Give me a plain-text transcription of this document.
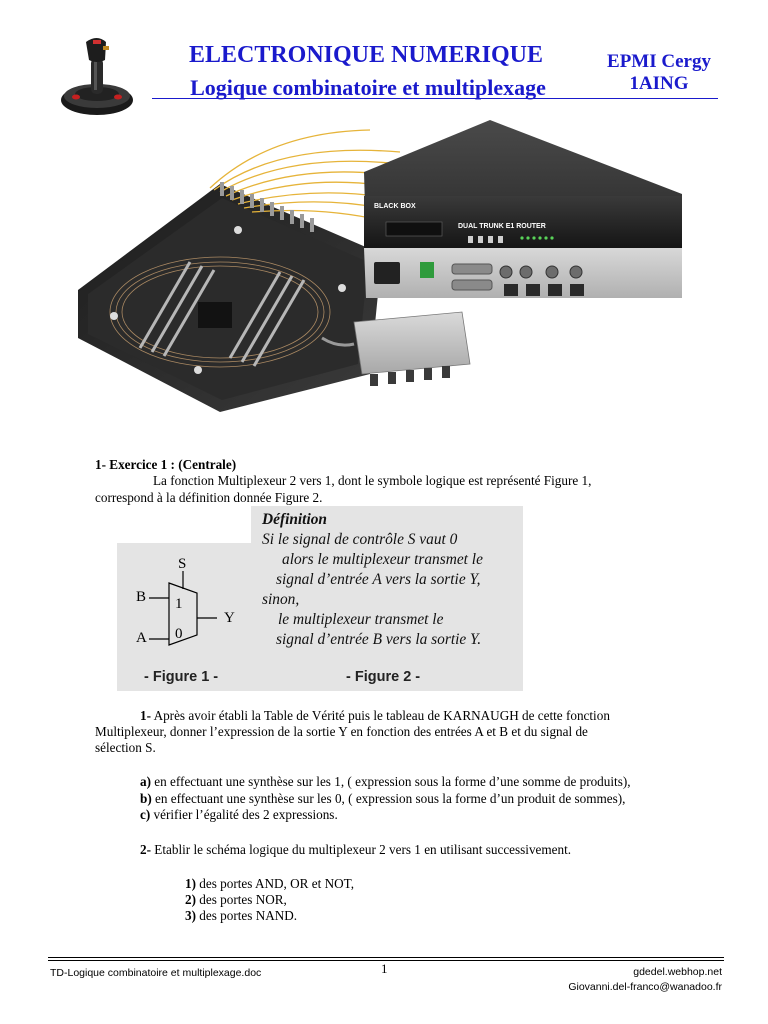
ELECTRONIQUE NUMERIQUE
Logique combinatoire et multiplexage
EPMI Cergy
1AING
BLACK BOX
DUAL TRUNK E1 ROUTER
1- Exercice 1 : (Centrale)
La fonction Multiplexeur 2 vers 1, dont le symbole logique est représenté Figure 1,
correspond à la définition donnée Figure 2.
S
B
A
Y
1
0
- Figure 1 -
Définition
Si le signal de contrôle S vaut 0
alors le multiplexeur transmet le
signal d’entrée A vers la sortie Y,
sinon,
le multiplexeur transmet le
signal d’entrée B vers la sortie Y.
- Figure 2 -
1- Après avoir établi la Table de Vérité puis le tableau de KARNAUGH de cette fonction
Multiplexeur, donner l’expression de la sortie Y en fonction des entrées A et B et du signal de
sélection S.
a) en effectuant une synthèse sur les 1, ( expression sous la forme d’une somme de produits),
b) en effectuant une synthèse sur les 0, ( expression sous la forme d’un produit de sommes),
c) vérifier l’égalité des 2 expressions.
2- Etablir le schéma logique du multiplexeur 2 vers 1 en utilisant successivement.
1) des portes AND, OR et NOT,
2) des portes NOR,
3) des portes NAND.
TD-Logique combinatoire et multiplexage.doc	1	gdedel.webhop.net
Giovanni.del-franco@wanadoo.fr
